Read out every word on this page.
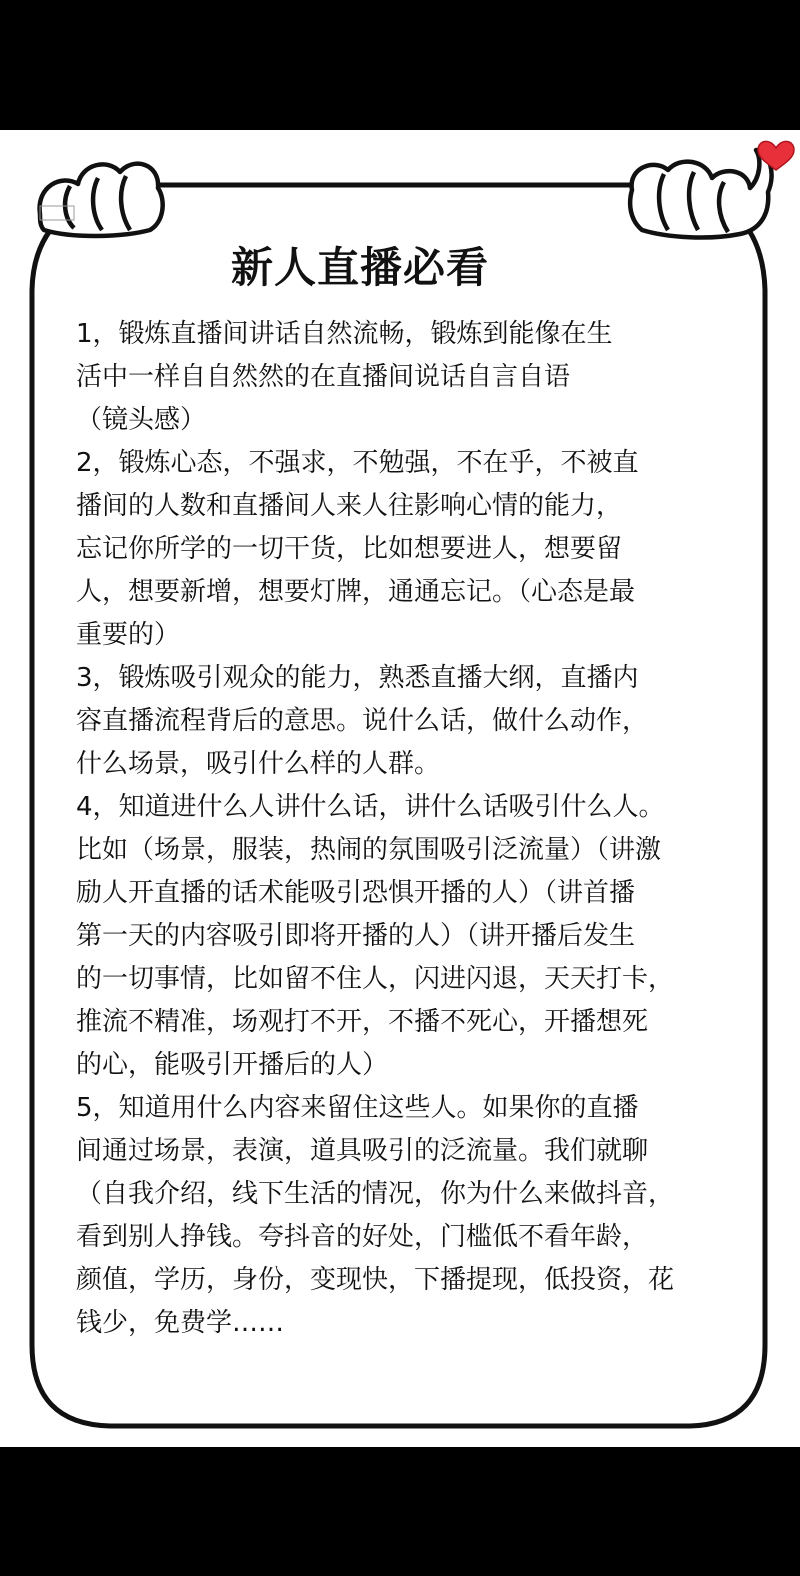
新人直播必看

1，锻炼直播间讲话自然流畅，锻炼到能像在生
活中一样自自然然的在直播间说话自言自语
（镜头感）

2，锻炼心态，不强求，不勉强，不在乎，不被直
播间的人数和直播间人来人往影响心情的能力，
忘记你所学的一切干货，比如想要进人，想要留
人，想要新增，想要灯牌，通通忘记。（心态是最
重要的）

3，锻炼吸引观众的能力，熟悉直播大纲，直播内
容直播流程背后的意思。说什么话，做什么动作，
什么场景，吸引什么样的人群。

4，知道进什么人讲什么话，讲什么话吸引什么人。
比如（场景，服装，热闹的氛围吸引泛流量）（讲激
励人开直播的话术能吸引恐惧开播的人）（讲首播
第一天的内容吸引即将开播的人）（讲开播后发生
的一切事情，比如留不住人，闪进闪退，天天打卡，
推流不精准，场观打不开，不播不死心，开播想死
的心，能吸引开播后的人）

5，知道用什么内容来留住这些人。如果你的直播
间通过场景，表演，道具吸引的泛流量。我们就聊
（自我介绍，线下生活的情况，你为什么来做抖音，
看到别人挣钱。夸抖音的好处，门槛低不看年龄，
颜值，学历，身份，变现快，下播提现，低投资，花
钱少，免费学……
